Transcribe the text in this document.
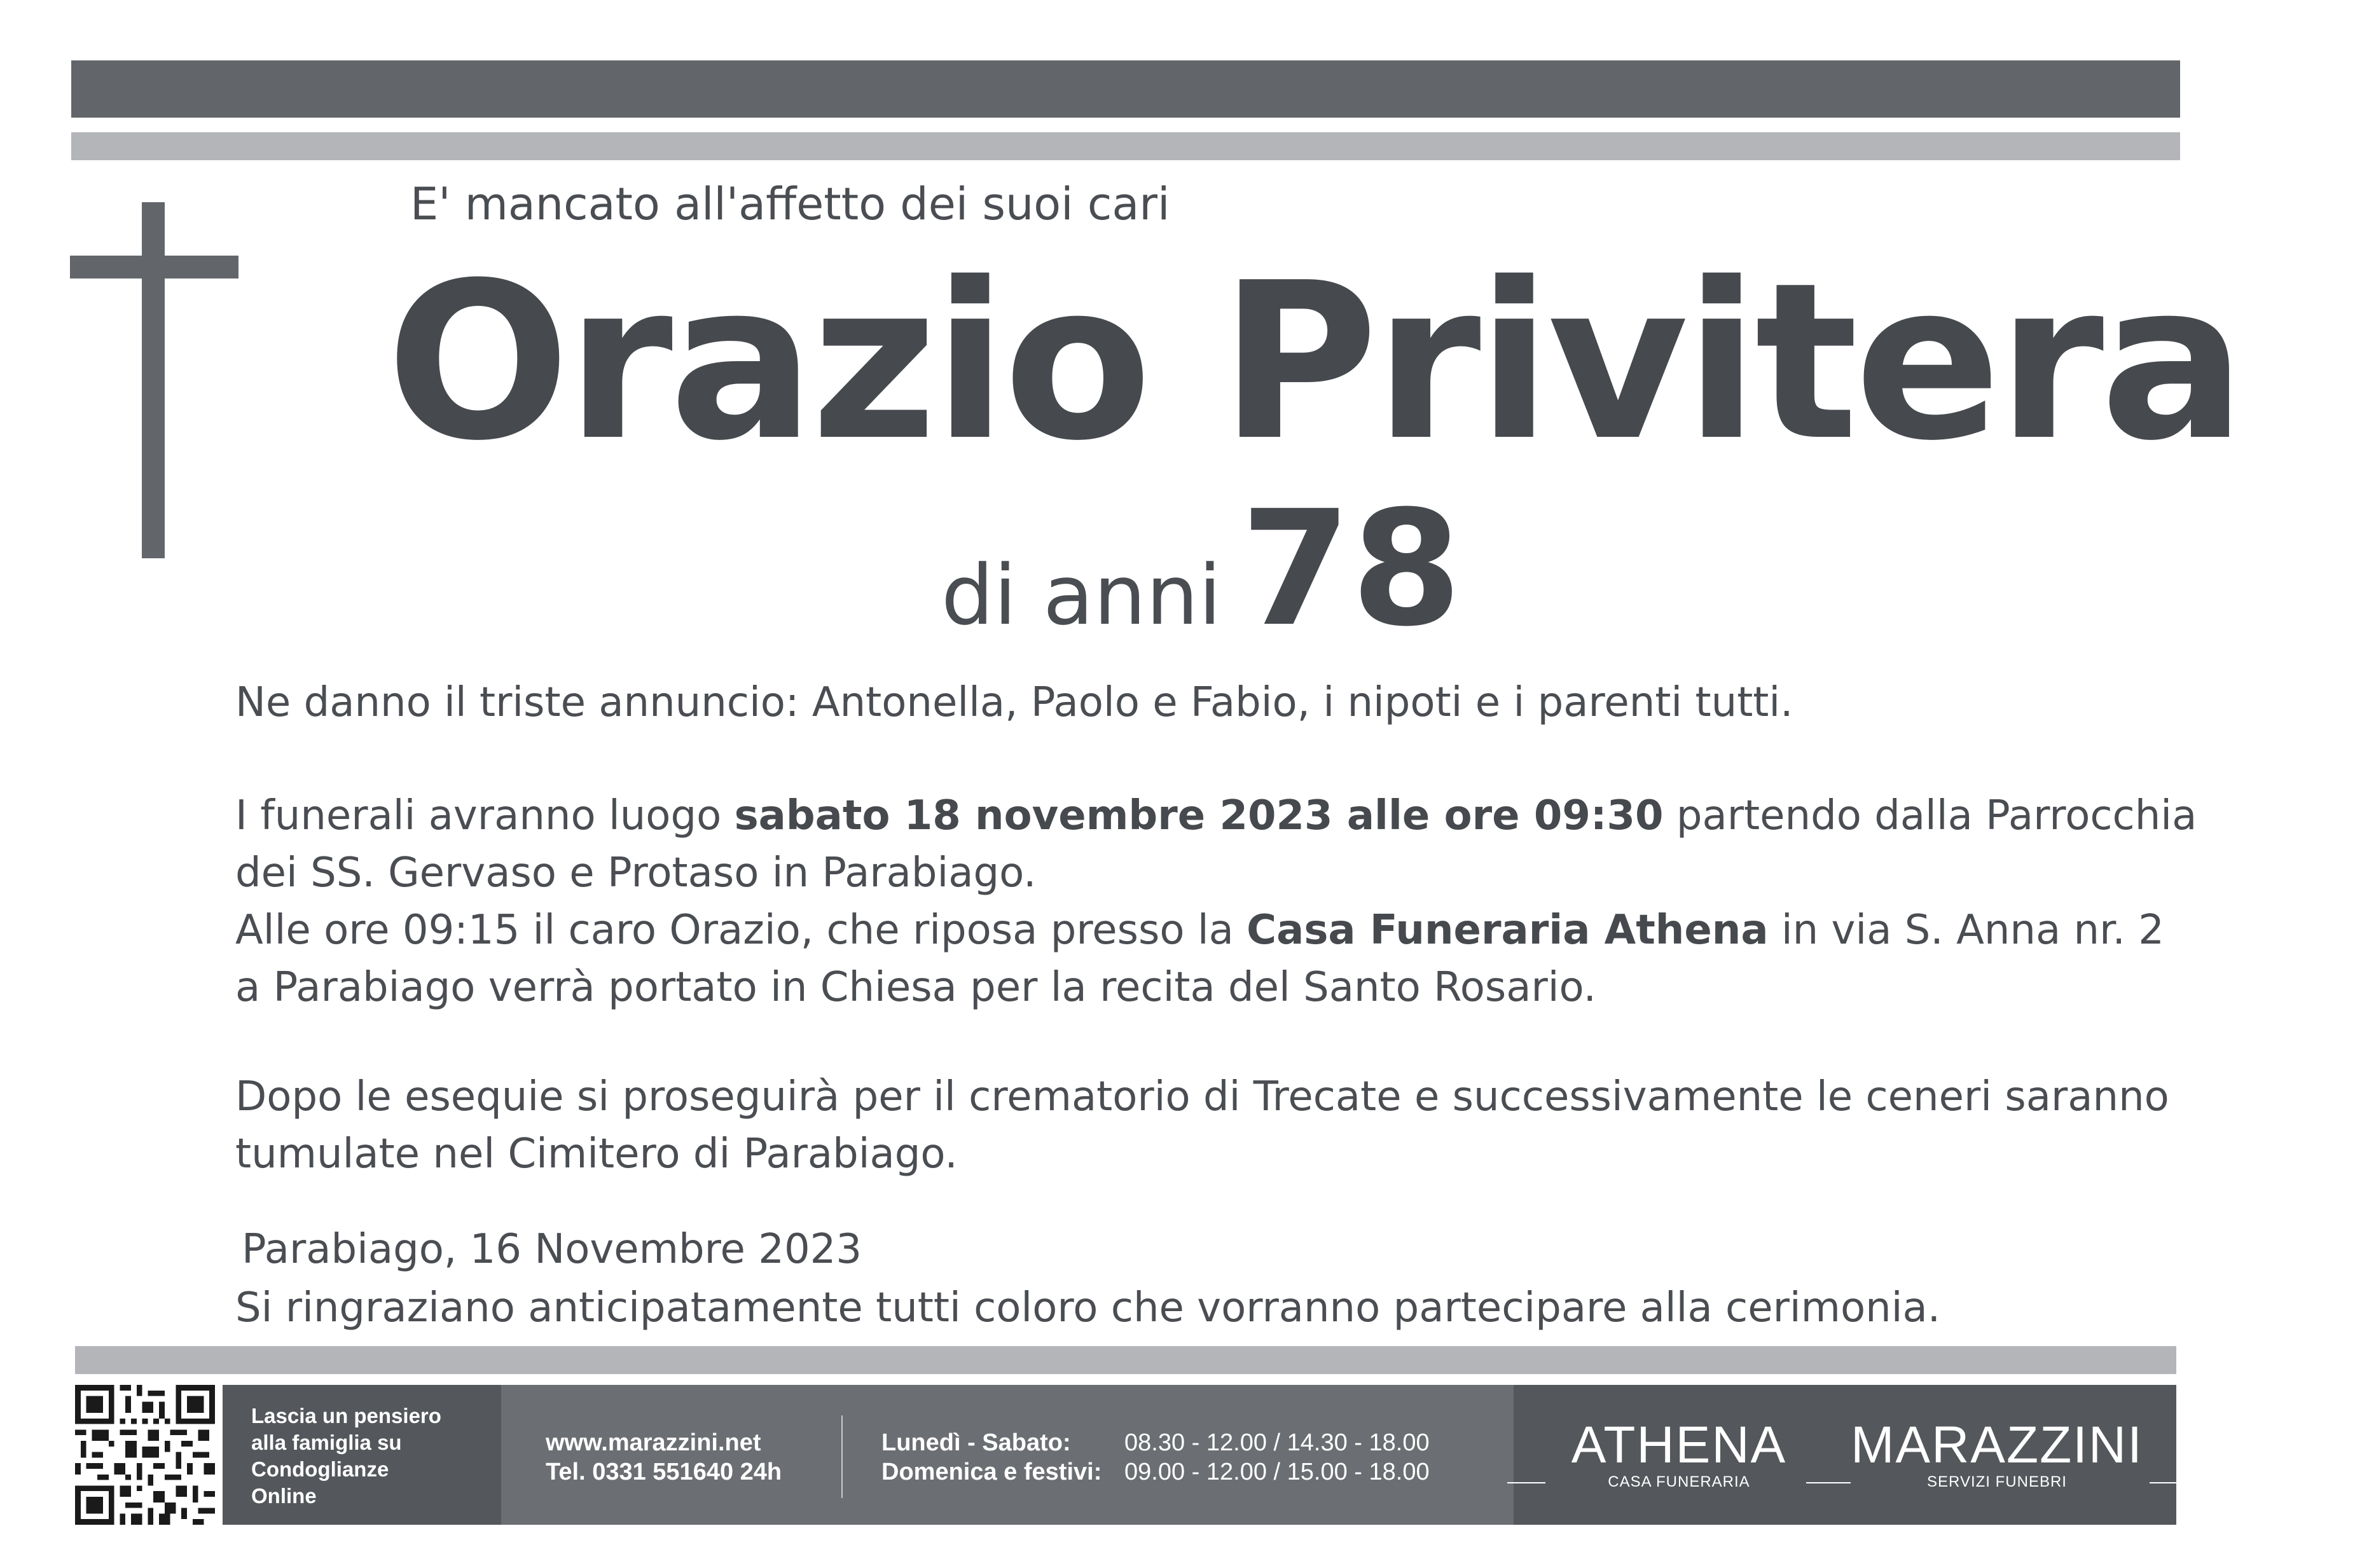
E' mancato all'affetto dei suoi cari
Orazio Privitera
di anni 78
Ne danno il triste annuncio: Antonella, Paolo e Fabio, i nipoti e i parenti tutti.
I funerali avranno luogo sabato 18 novembre 2023 alle ore 09:30 partendo dalla Parrocchia
dei SS. Gervaso e Protaso in Parabiago.
Alle ore 09:15 il caro Orazio, che riposa presso la Casa Funeraria Athena in via S. Anna nr. 2
a Parabiago verrà portato in Chiesa per la recita del Santo Rosario.
Dopo le esequie si proseguirà per il crematorio di Trecate e successivamente le ceneri saranno
tumulate nel Cimitero di Parabiago.
Parabiago, 16 Novembre 2023
Si ringraziano anticipatamente tutti coloro che vorranno partecipare alla cerimonia.
Lascia un pensiero
alla famiglia su
Condoglianze
Online
www.marazzini.net
Tel. 0331 551640 24h
Lunedì - Sabato:
Domenica e festivi:
08.30 - 12.00 / 14.30 - 18.00
09.00 - 12.00 / 15.00 - 18.00	ATHENA
CASA FUNERARIA
MARAZZINI
SERVIZI FUNEBRI
